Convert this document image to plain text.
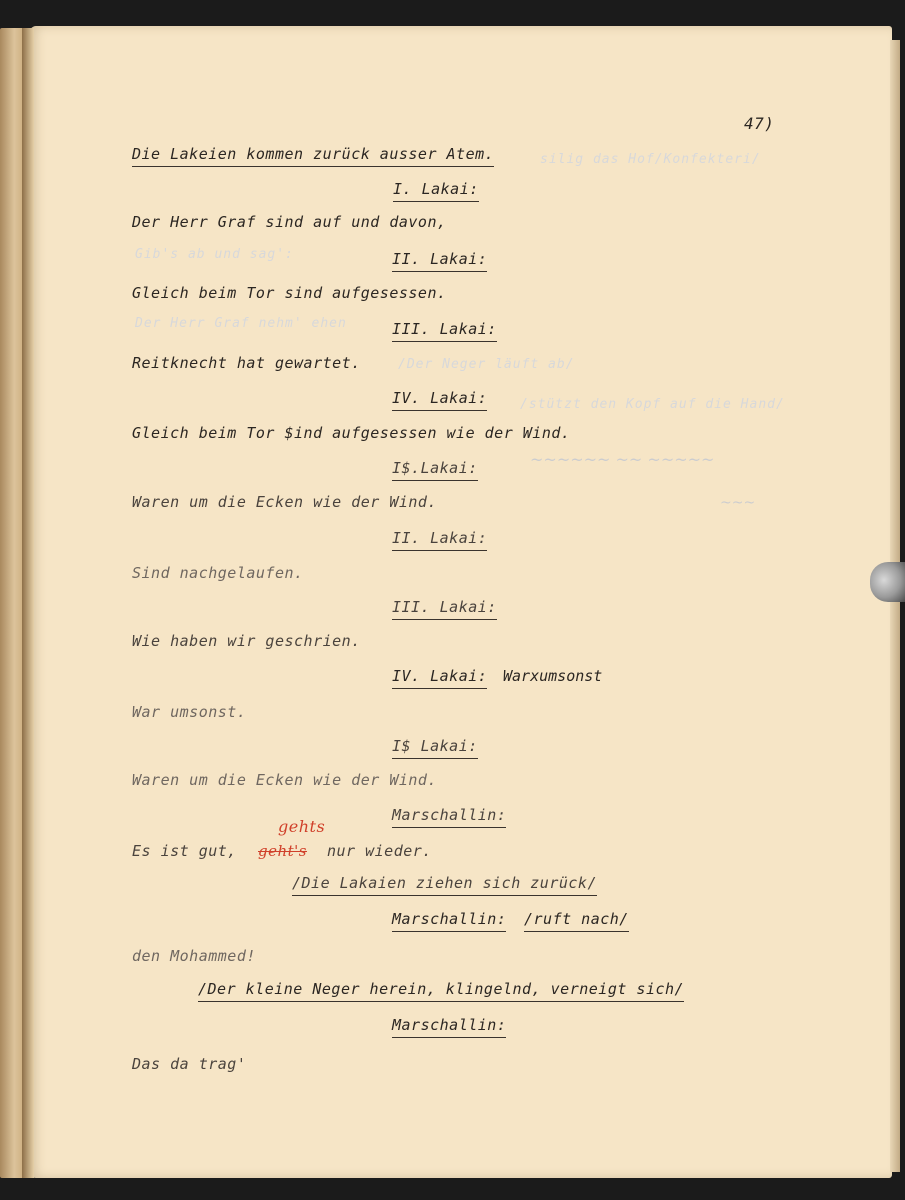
silig das Hof/Konfekteri/
Gib's ab und sag':
Der Herr Graf nehm' ehen
/Der Neger läuft ab/
/stützt den Kopf auf die Hand/
~~~~~~ ~~ ~~~~~
~~~
47)
Die Lakeien kommen zurück ausser Atem.
I. Lakai:
Der Herr Graf sind auf und davon,
II. Lakai:
Gleich beim Tor sind aufgesessen.
III. Lakai:
Reitknecht hat gewartet.
IV. Lakai:
Gleich beim Tor $ind aufgesessen wie der Wind.
I$.Lakai:
Waren um die Ecken wie der Wind.
II. Lakai:
Sind nachgelaufen.
III. Lakai:
Wie haben wir geschrien.
IV. Lakai: Warxumsonst
War umsonst.
I$ Lakai:
Waren um die Ecken wie der Wind.
Marschallin:
Es ist gut, geht's
gehts
nur wieder.
/Die Lakaien ziehen sich zurück/
Marschallin: /ruft nach/
den Mohammed!
/Der kleine Neger herein, klingelnd, verneigt sich/
Marschallin:
Das da trag'
